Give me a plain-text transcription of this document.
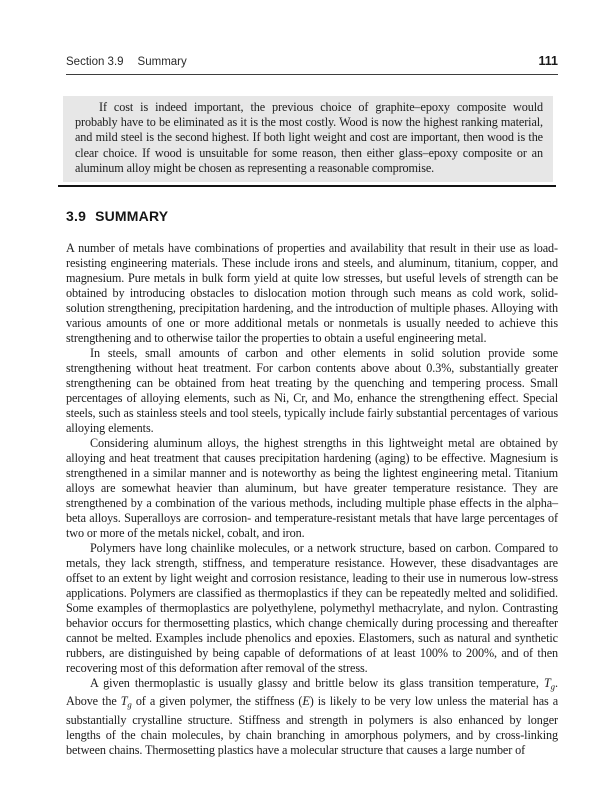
Section 3.9 Summary	111

If cost is indeed important, the previous choice of graphite–epoxy composite would probably have to be eliminated as it is the most costly. Wood is now the highest ranking material, and mild steel is the second highest. If both light weight and cost are important, then wood is the clear choice. If wood is unsuitable for some reason, then either glass–epoxy composite or an aluminum alloy might be chosen as representing a reasonable compromise.

3.9 SUMMARY

A number of metals have combinations of properties and availability that result in their use as load-resisting engineering materials. These include irons and steels, and aluminum, titanium, copper, and magnesium. Pure metals in bulk form yield at quite low stresses, but useful levels of strength can be obtained by introducing obstacles to dislocation motion through such means as cold work, solid-solution strengthening, precipitation hardening, and the introduction of multiple phases. Alloying with various amounts of one or more additional metals or nonmetals is usually needed to achieve this strengthening and to otherwise tailor the properties to obtain a useful engineering metal.

In steels, small amounts of carbon and other elements in solid solution provide some strengthening without heat treatment. For carbon contents above about 0.3%, substantially greater strengthening can be obtained from heat treating by the quenching and tempering process. Small percentages of alloying elements, such as Ni, Cr, and Mo, enhance the strengthening effect. Special steels, such as stainless steels and tool steels, typically include fairly substantial percentages of various alloying elements.

Considering aluminum alloys, the highest strengths in this lightweight metal are obtained by alloying and heat treatment that causes precipitation hardening (aging) to be effective. Magnesium is strengthened in a similar manner and is noteworthy as being the lightest engineering metal. Titanium alloys are somewhat heavier than aluminum, but have greater temperature resistance. They are strengthened by a combination of the various methods, including multiple phase effects in the alpha–beta alloys. Superalloys are corrosion- and temperature-resistant metals that have large percentages of two or more of the metals nickel, cobalt, and iron.

Polymers have long chainlike molecules, or a network structure, based on carbon. Compared to metals, they lack strength, stiffness, and temperature resistance. However, these disadvantages are offset to an extent by light weight and corrosion resistance, leading to their use in numerous low-stress applications. Polymers are classified as thermoplastics if they can be repeatedly melted and solidified. Some examples of thermoplastics are polyethylene, polymethyl methacrylate, and nylon. Contrasting behavior occurs for thermosetting plastics, which change chemically during processing and thereafter cannot be melted. Examples include phenolics and epoxies. Elastomers, such as natural and synthetic rubbers, are distinguished by being capable of deformations of at least 100% to 200%, and of then recovering most of this deformation after removal of the stress.

A given thermoplastic is usually glassy and brittle below its glass transition temperature, $T_g$. Above the $T_g$ of a given polymer, the stiffness (E) is likely to be very low unless the material has a substantially crystalline structure. Stiffness and strength in polymers is also enhanced by longer lengths of the chain molecules, by chain branching in amorphous polymers, and by cross-linking between chains. Thermosetting plastics have a molecular structure that causes a large number of
